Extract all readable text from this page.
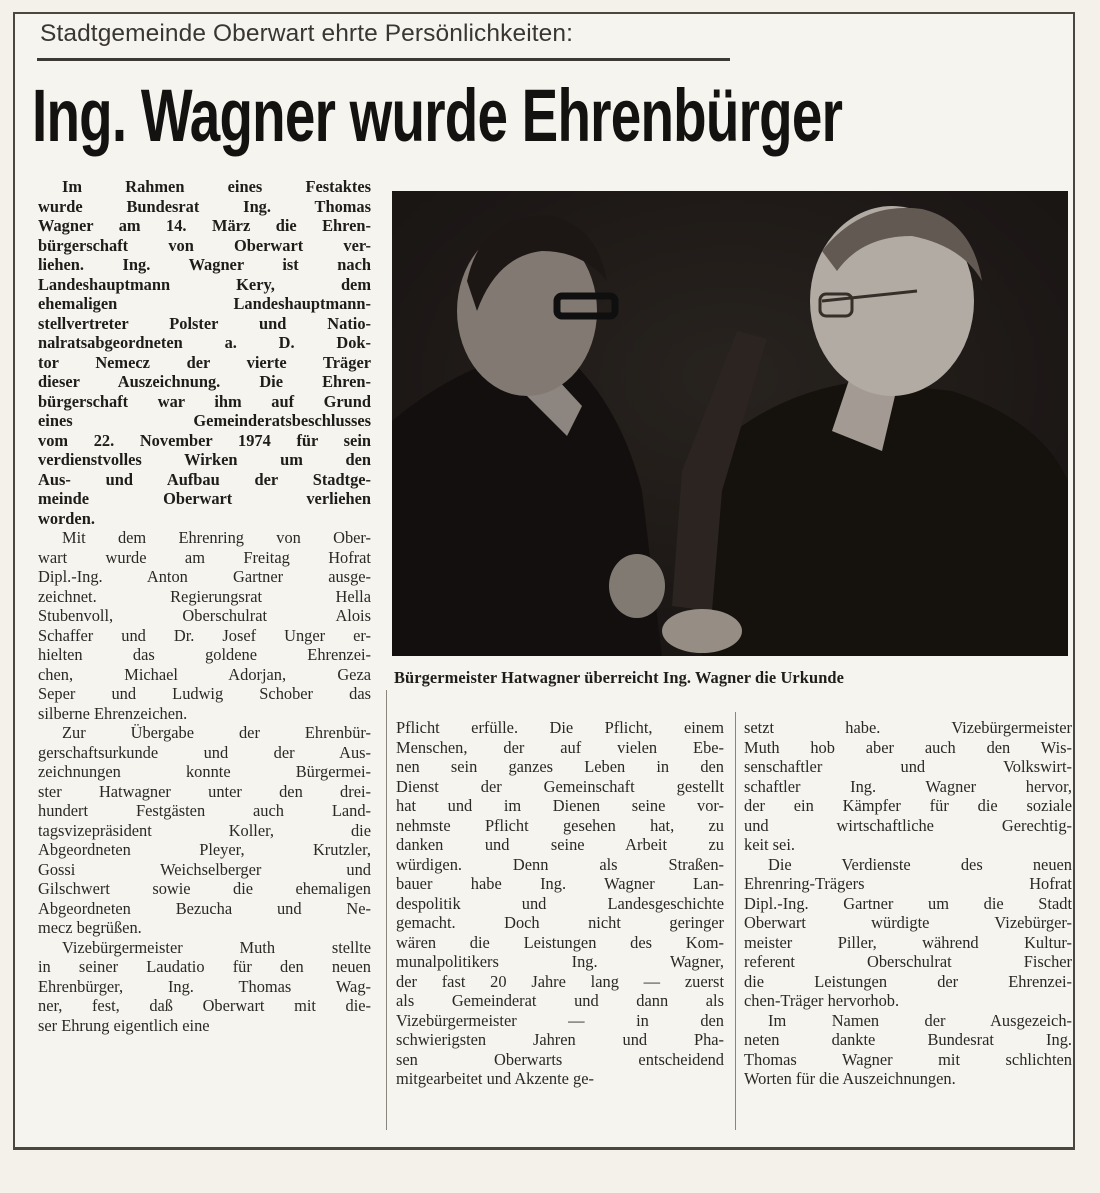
Stadtgemeinde Oberwart ehrte Persönlichkeiten:
Ing. Wagner wurde Ehrenbürger
Bürgermeister Hatwagner überreicht Ing. Wagner die Urkunde
Im Rahmen eines Festaktes
wurde Bundesrat Ing. Thomas
Wagner am 14. März die Ehren-
bürgerschaft von Oberwart ver-
liehen. Ing. Wagner ist nach
Landeshauptmann Kery, dem
ehemaligen Landeshauptmann-
stellvertreter Polster und Natio-
nalratsabgeordneten a. D. Dok-
tor Nemecz der vierte Träger
dieser Auszeichnung. Die Ehren-
bürgerschaft war ihm auf Grund
eines Gemeinderatsbeschlusses
vom 22. November 1974 für sein
verdienstvolles Wirken um den
Aus- und Aufbau der Stadtge-
meinde Oberwart verliehen
worden.
Mit dem Ehrenring von Ober-
wart wurde am Freitag Hofrat
Dipl.-Ing. Anton Gartner ausge-
zeichnet. Regierungsrat Hella
Stubenvoll, Oberschulrat Alois
Schaffer und Dr. Josef Unger er-
hielten das goldene Ehrenzei-
chen, Michael Adorjan, Geza
Seper und Ludwig Schober das
silberne Ehrenzeichen.
Zur Übergabe der Ehrenbür-
gerschaftsurkunde und der Aus-
zeichnungen konnte Bürgermei-
ster Hatwagner unter den drei-
hundert Festgästen auch Land-
tagsvizepräsident Koller, die
Abgeordneten Pleyer, Krutzler,
Gossi Weichselberger und
Gilschwert sowie die ehemaligen
Abgeordneten Bezucha und Ne-
mecz begrüßen.
Vizebürgermeister Muth stellte
in seiner Laudatio für den neuen
Ehrenbürger, Ing. Thomas Wag-
ner, fest, daß Oberwart mit die-
ser Ehrung eigentlich eine
Pflicht erfülle. Die Pflicht, einem
Menschen, der auf vielen Ebe-
nen sein ganzes Leben in den
Dienst der Gemeinschaft gestellt
hat und im Dienen seine vor-
nehmste Pflicht gesehen hat, zu
danken und seine Arbeit zu
würdigen. Denn als Straßen-
bauer habe Ing. Wagner Lan-
despolitik und Landesgeschichte
gemacht. Doch nicht geringer
wären die Leistungen des Kom-
munalpolitikers Ing. Wagner,
der fast 20 Jahre lang — zuerst
als Gemeinderat und dann als
Vizebürgermeister — in den
schwierigsten Jahren und Pha-
sen Oberwarts entscheidend
mitgearbeitet und Akzente ge-
setzt habe. Vizebürgermeister
Muth hob aber auch den Wis-
senschaftler und Volkswirt-
schaftler Ing. Wagner hervor,
der ein Kämpfer für die soziale
und wirtschaftliche Gerechtig-
keit sei.
Die Verdienste des neuen
Ehrenring-Trägers Hofrat
Dipl.-Ing. Gartner um die Stadt
Oberwart würdigte Vizebürger-
meister Piller, während Kultur-
referent Oberschulrat Fischer
die Leistungen der Ehrenzei-
chen-Träger hervorhob.
Im Namen der Ausgezeich-
neten dankte Bundesrat Ing.
Thomas Wagner mit schlichten
Worten für die Auszeichnungen.
